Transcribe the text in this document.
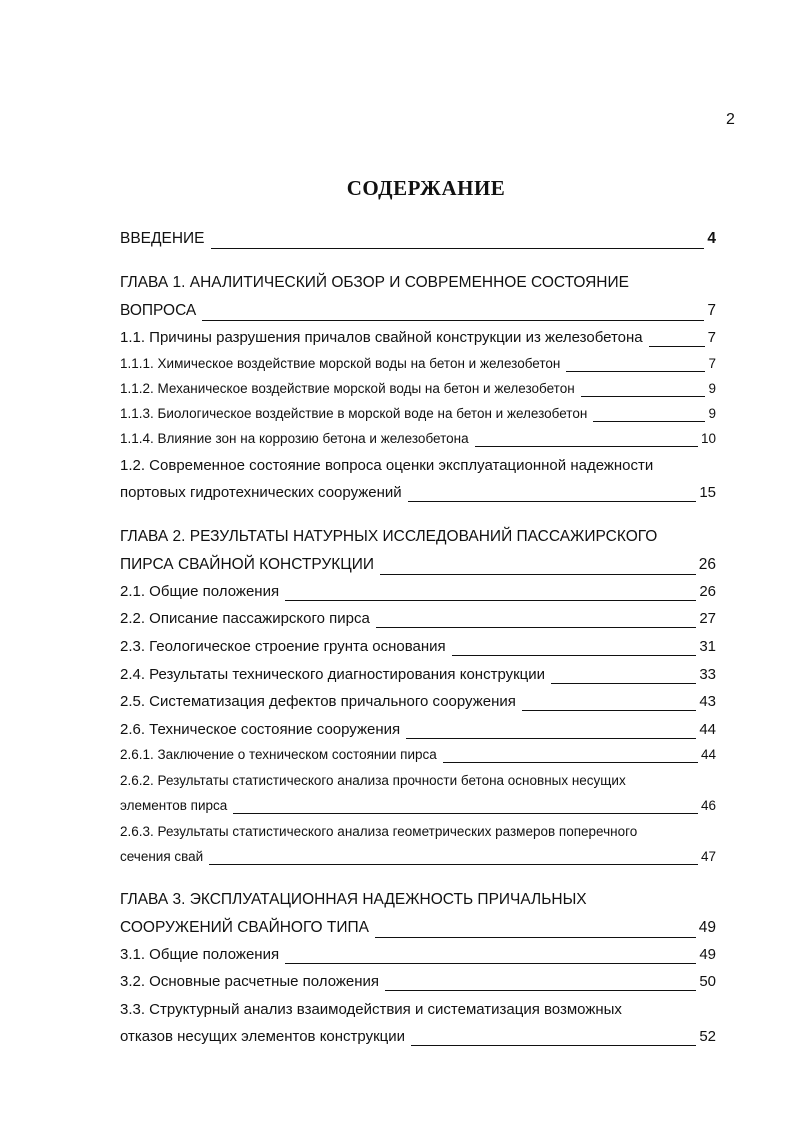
2
СОДЕРЖАНИЕ
ВВЕДЕНИЕ	4
ГЛАВА 1. АНАЛИТИЧЕСКИЙ ОБЗОР И СОВРЕМЕННОЕ СОСТОЯНИЕ
ВОПРОСА	7
1.1. Причины разрушения причалов свайной конструкции из железобетона	7
1.1.1. Химическое воздействие морской воды на бетон и железобетон	7
1.1.2. Механическое воздействие морской воды на бетон и железобетон	9
1.1.3. Биологическое воздействие в морской воде на бетон и железобетон	9
1.1.4. Влияние зон на коррозию бетона и железобетона	10
1.2. Современное состояние вопроса оценки эксплуатационной надежности
портовых гидротехнических сооружений	15
ГЛАВА 2. РЕЗУЛЬТАТЫ НАТУРНЫХ ИССЛЕДОВАНИЙ ПАССАЖИРСКОГО
ПИРСА СВАЙНОЙ КОНСТРУКЦИИ	26
2.1. Общие положения	26
2.2. Описание пассажирского пирса	27
2.3. Геологическое строение грунта основания	31
2.4. Результаты технического диагностирования конструкции	33
2.5. Систематизация дефектов причального сооружения	43
2.6. Техническое состояние сооружения	44
2.6.1. Заключение о техническом состоянии пирса	44
2.6.2. Результаты статистического анализа прочности бетона основных несущих
элементов пирса	46
2.6.3. Результаты статистического анализа геометрических размеров поперечного
сечения свай	47
ГЛАВА 3. ЭКСПЛУАТАЦИОННАЯ НАДЕЖНОСТЬ ПРИЧАЛЬНЫХ
СООРУЖЕНИЙ СВАЙНОГО ТИПА	49
3.1. Общие положения	49
3.2. Основные расчетные положения	50
3.3. Структурный анализ взаимодействия и систематизация возможных
отказов несущих элементов конструкции	52
